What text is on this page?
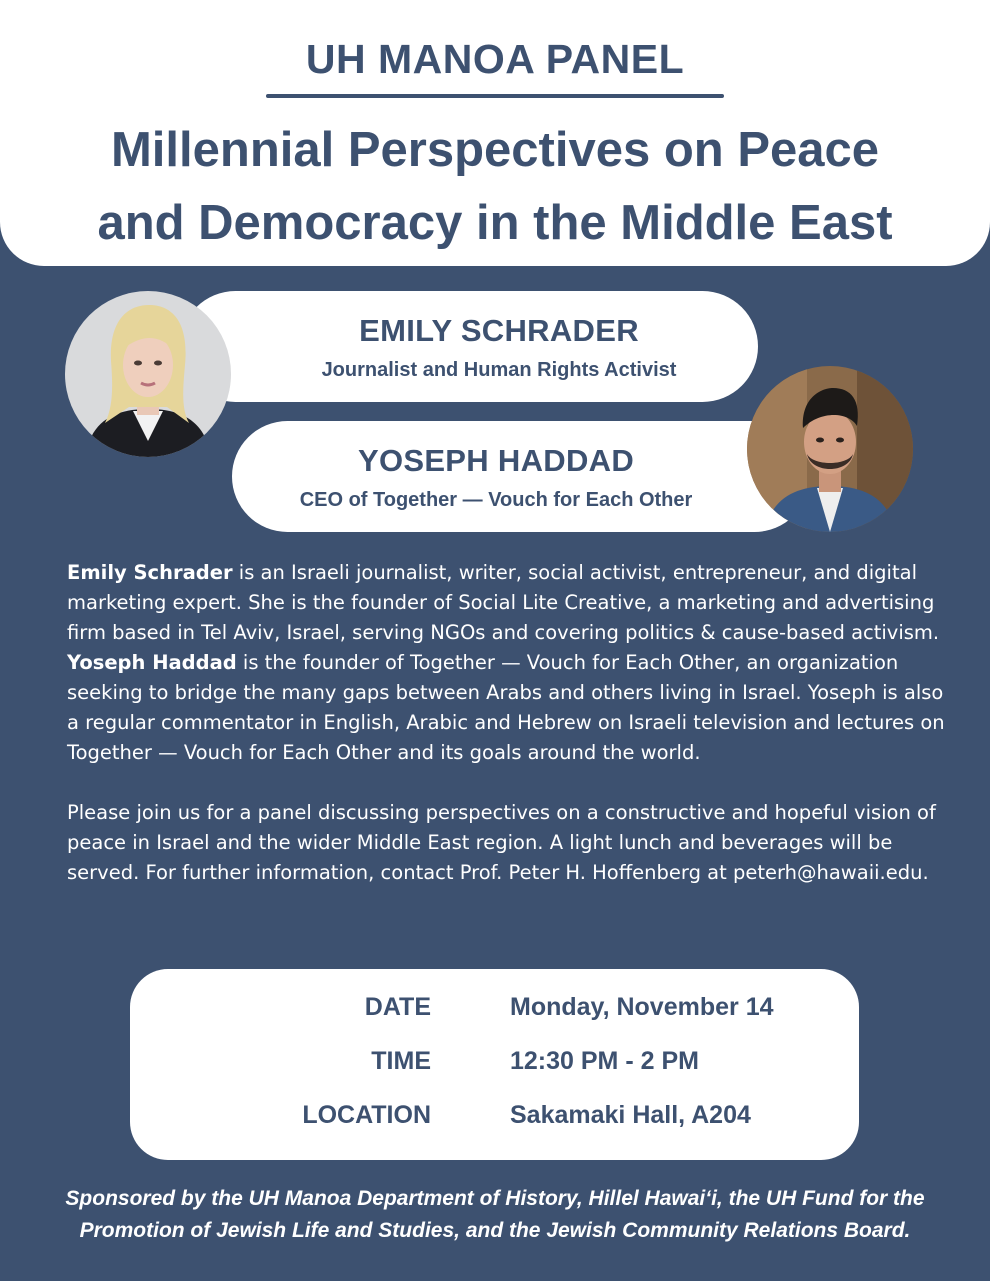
UH MANOA PANEL
Millennial Perspectives on Peace
and Democracy in the Middle East
EMILY SCHRADER
Journalist and Human Rights Activist
YOSEPH HADDAD
CEO of Together — Vouch for Each Other

Emily Schrader is an Israeli journalist, writer, social activist, entrepreneur, and digital marketing expert. She is the founder of Social Lite Creative, a marketing and advertising firm based in Tel Aviv, Israel, serving NGOs and covering politics & cause-based activism. Yoseph Haddad is the founder of Together — Vouch for Each Other, an organization seeking to bridge the many gaps between Arabs and others living in Israel. Yoseph is also a regular commentator in English, Arabic and Hebrew on Israeli television and lectures on Together — Vouch for Each Other and its goals around the world.

Please join us for a panel discussing perspectives on a constructive and hopeful vision of peace in Israel and the wider Middle East region. A light lunch and beverages will be served. For further information, contact Prof. Peter H. Hoffenberg at peterh@hawaii.edu.

DATE	Monday, November 14
TIME	12:30 PM - 2 PM
LOCATION	Sakamaki Hall, A204
Sponsored by the UH Manoa Department of History, Hillel Hawai‘i, the UH Fund for the
Promotion of Jewish Life and Studies, and the Jewish Community Relations Board.
